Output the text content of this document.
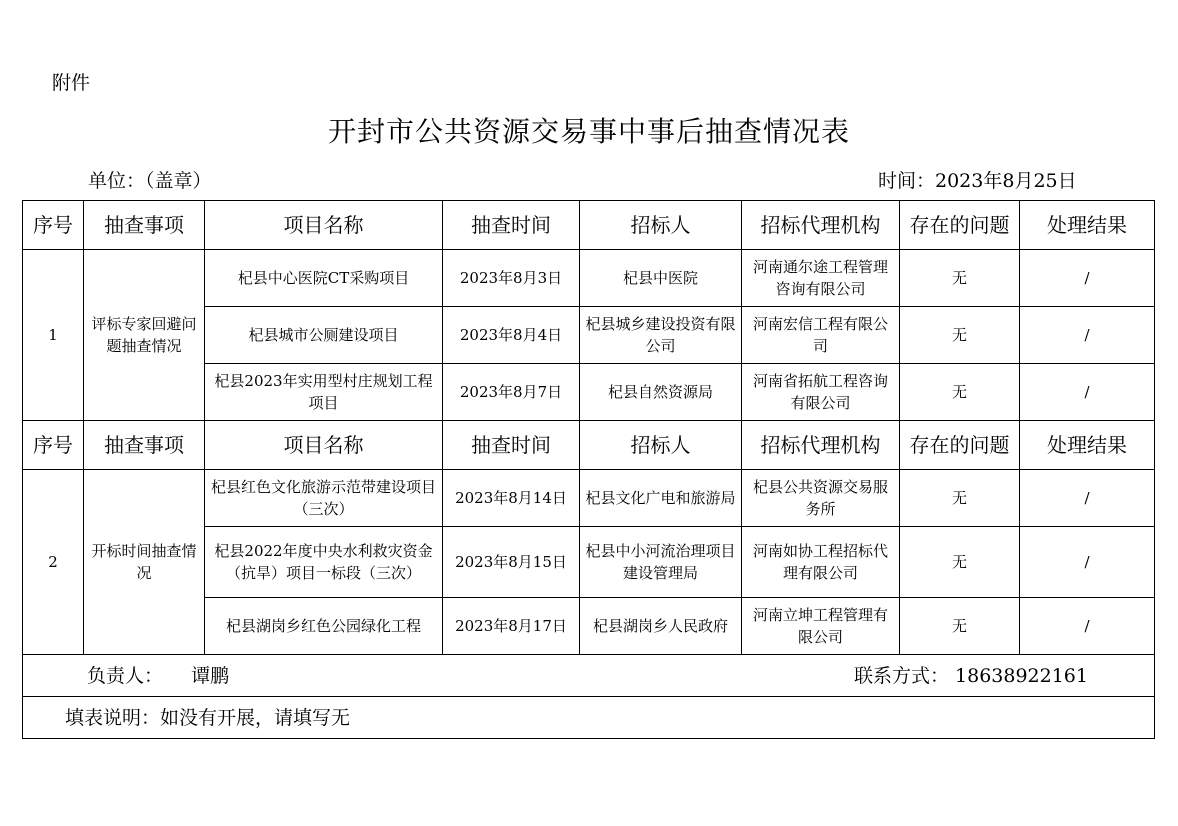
附件
开封市公共资源交易事中事后抽查情况表
单位：（盖章）	时间：2023年8月25日
序号	抽查事项	项目名称	抽查时间	招标人	招标代理机构	存在的问题	处理结果
1	评标专家回避问题抽查情况	杞县中心医院CT采购项目	2023年8月3日	杞县中医院	河南通尔途工程管理咨询有限公司	无	/
		杞县城市公厕建设项目	2023年8月4日	杞县城乡建设投资有限公司	河南宏信工程有限公司	无	/
		杞县2023年实用型村庄规划工程项目	2023年8月7日	杞县自然资源局	河南省拓航工程咨询有限公司	无	/
序号	抽查事项	项目名称	抽查时间	招标人	招标代理机构	存在的问题	处理结果
2	开标时间抽查情况	杞县红色文化旅游示范带建设项目（三次）	2023年8月14日	杞县文化广电和旅游局	杞县公共资源交易服务所	无	/
		杞县2022年度中央水利救灾资金（抗旱）项目一标段（三次）	2023年8月15日	杞县中小河流治理项目建设管理局	河南如协工程招标代理有限公司	无	/
		杞县湖岗乡红色公园绿化工程	2023年8月17日	杞县湖岗乡人民政府	河南立坤工程管理有限公司	无	/

负责人： 谭鹏 联系方式： 18638922161							

填表说明：如没有开展，请填写无							
